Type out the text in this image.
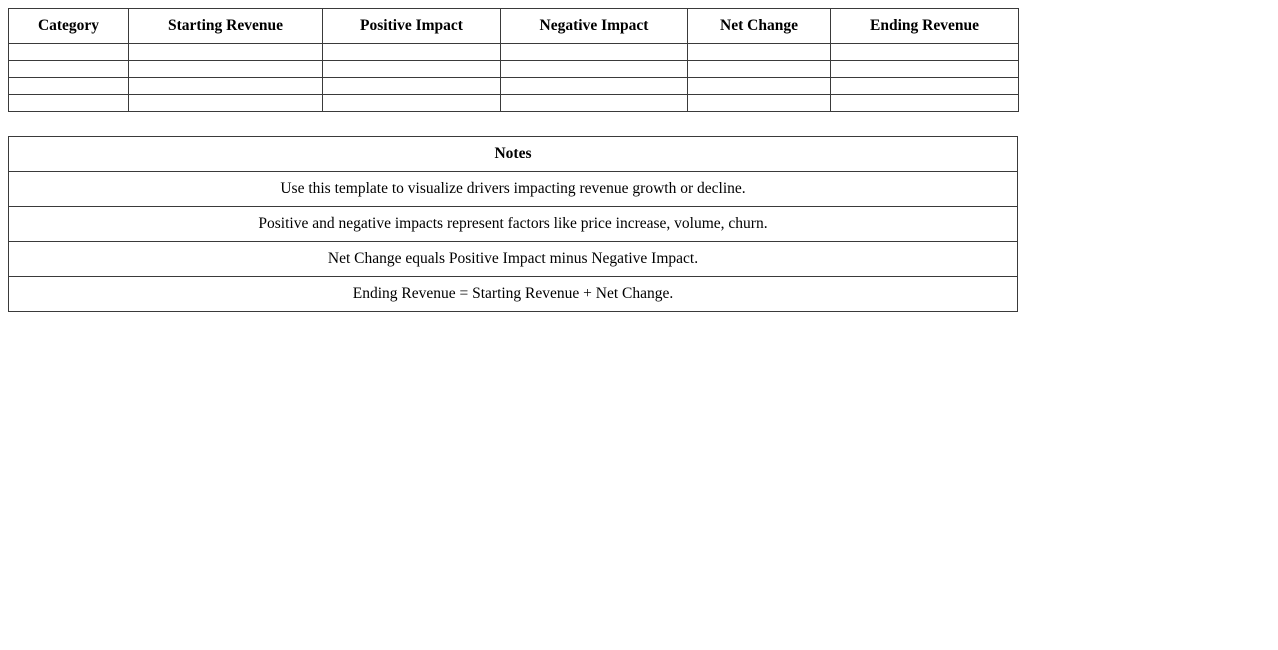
Category	Starting Revenue	Positive Impact	Negative Impact	Net Change	Ending Revenue

Notes
Use this template to visualize drivers impacting revenue growth or decline.
Positive and negative impacts represent factors like price increase, volume, churn.
Net Change equals Positive Impact minus Negative Impact.
Ending Revenue = Starting Revenue + Net Change.
